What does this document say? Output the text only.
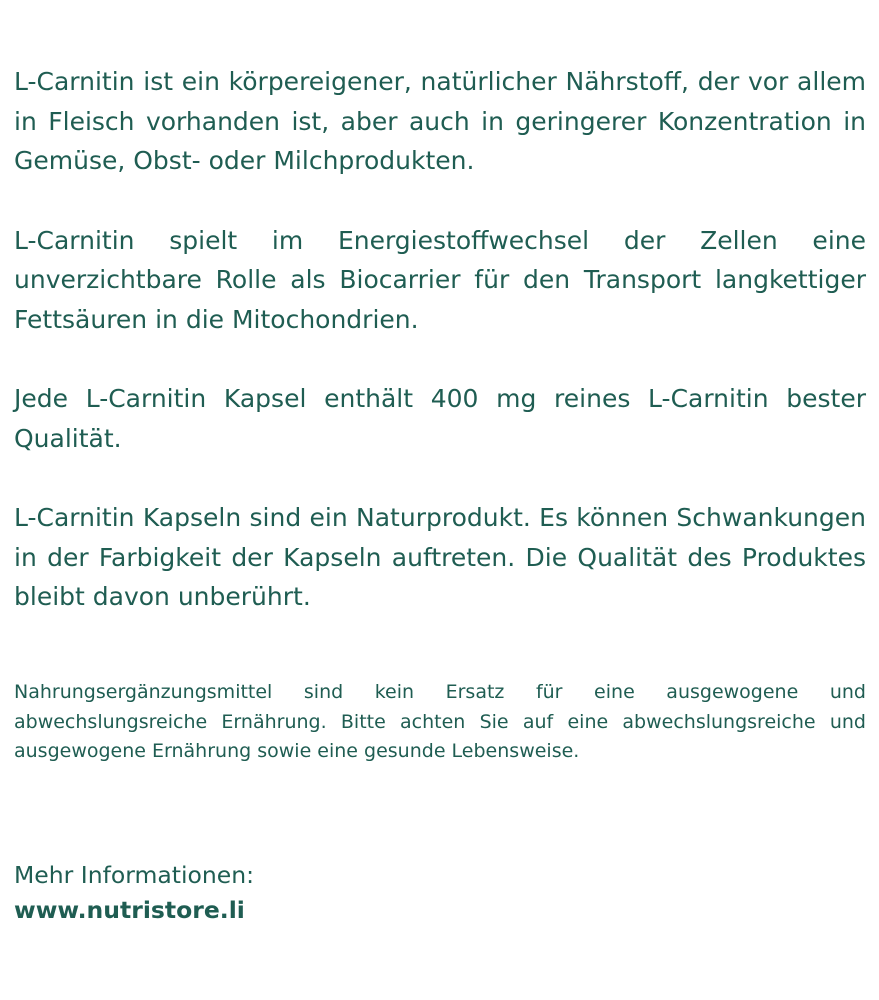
L-Carnitin ist ein körpereigener, natürlicher Nährstoff, der vor allem in Fleisch vorhanden ist, aber auch in geringerer Konzentration in Gemüse, Obst- oder Milchprodukten.

L-Carnitin spielt im Energiestoffwechsel der Zellen eine unverzichtbare Rolle als Biocarrier für den Transport langkettiger Fettsäuren in die Mitochondrien.

Jede L-Carnitin Kapsel enthält 400 mg reines L-Carnitin bester Qualität.

L-Carnitin Kapseln sind ein Naturprodukt. Es können Schwankungen in der Farbigkeit der Kapseln auftreten. Die Qualität des Produktes bleibt davon unberührt.

Nahrungsergänzungsmittel sind kein Ersatz für eine ausgewogene und abwechslungsreiche Ernährung. Bitte achten Sie auf eine abwechslungsreiche und ausgewogene Ernährung sowie eine gesunde Lebensweise.

Mehr Informationen:

www.nutristore.li
